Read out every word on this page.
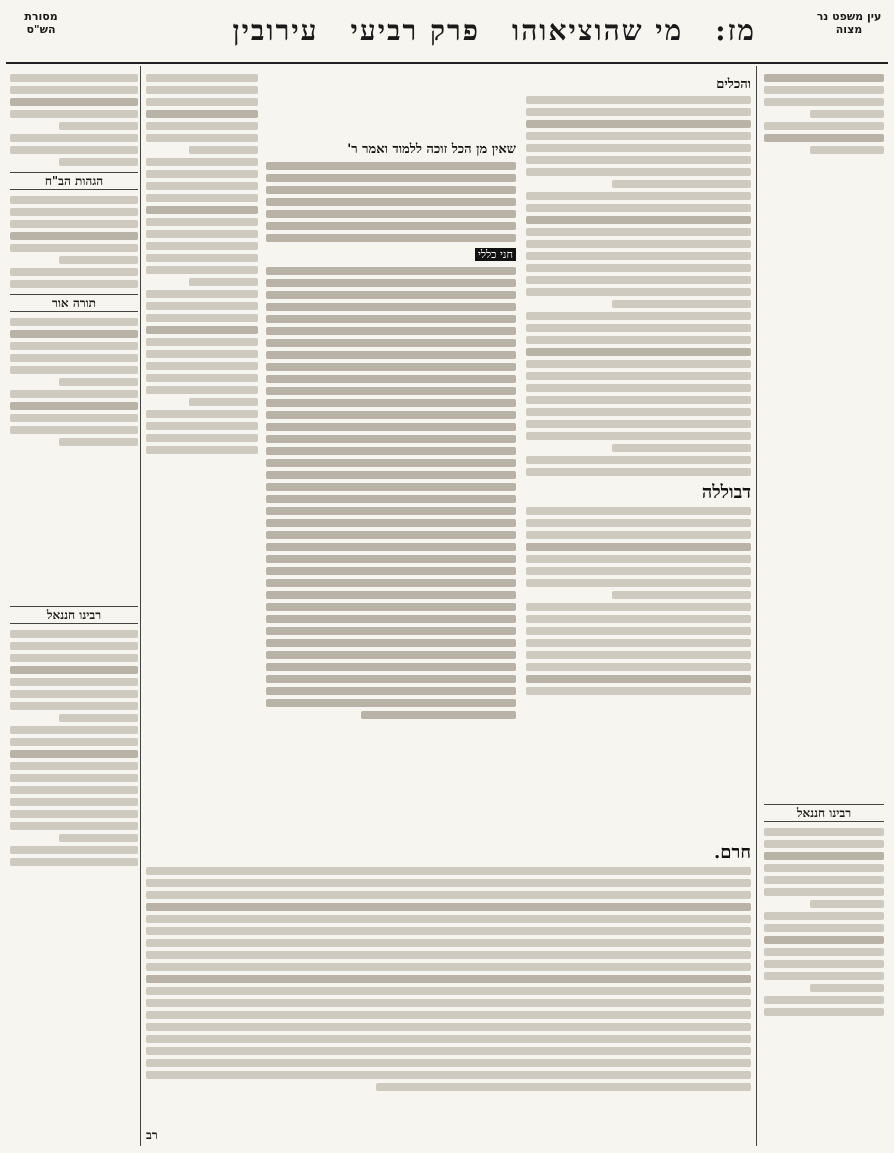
עין משפט נר מצוה
מז:
מי שהוציאוהו
פרק רביעי
עירובין
מסורת הש"ס
רבינו חננאל
הגהות הב"ח
תורה אור
רבינו חננאל
והכלים
דבוללה
שאין מן הכל זוכה ללמוד ואמר ר'
חני כללי
חרם.
רב
